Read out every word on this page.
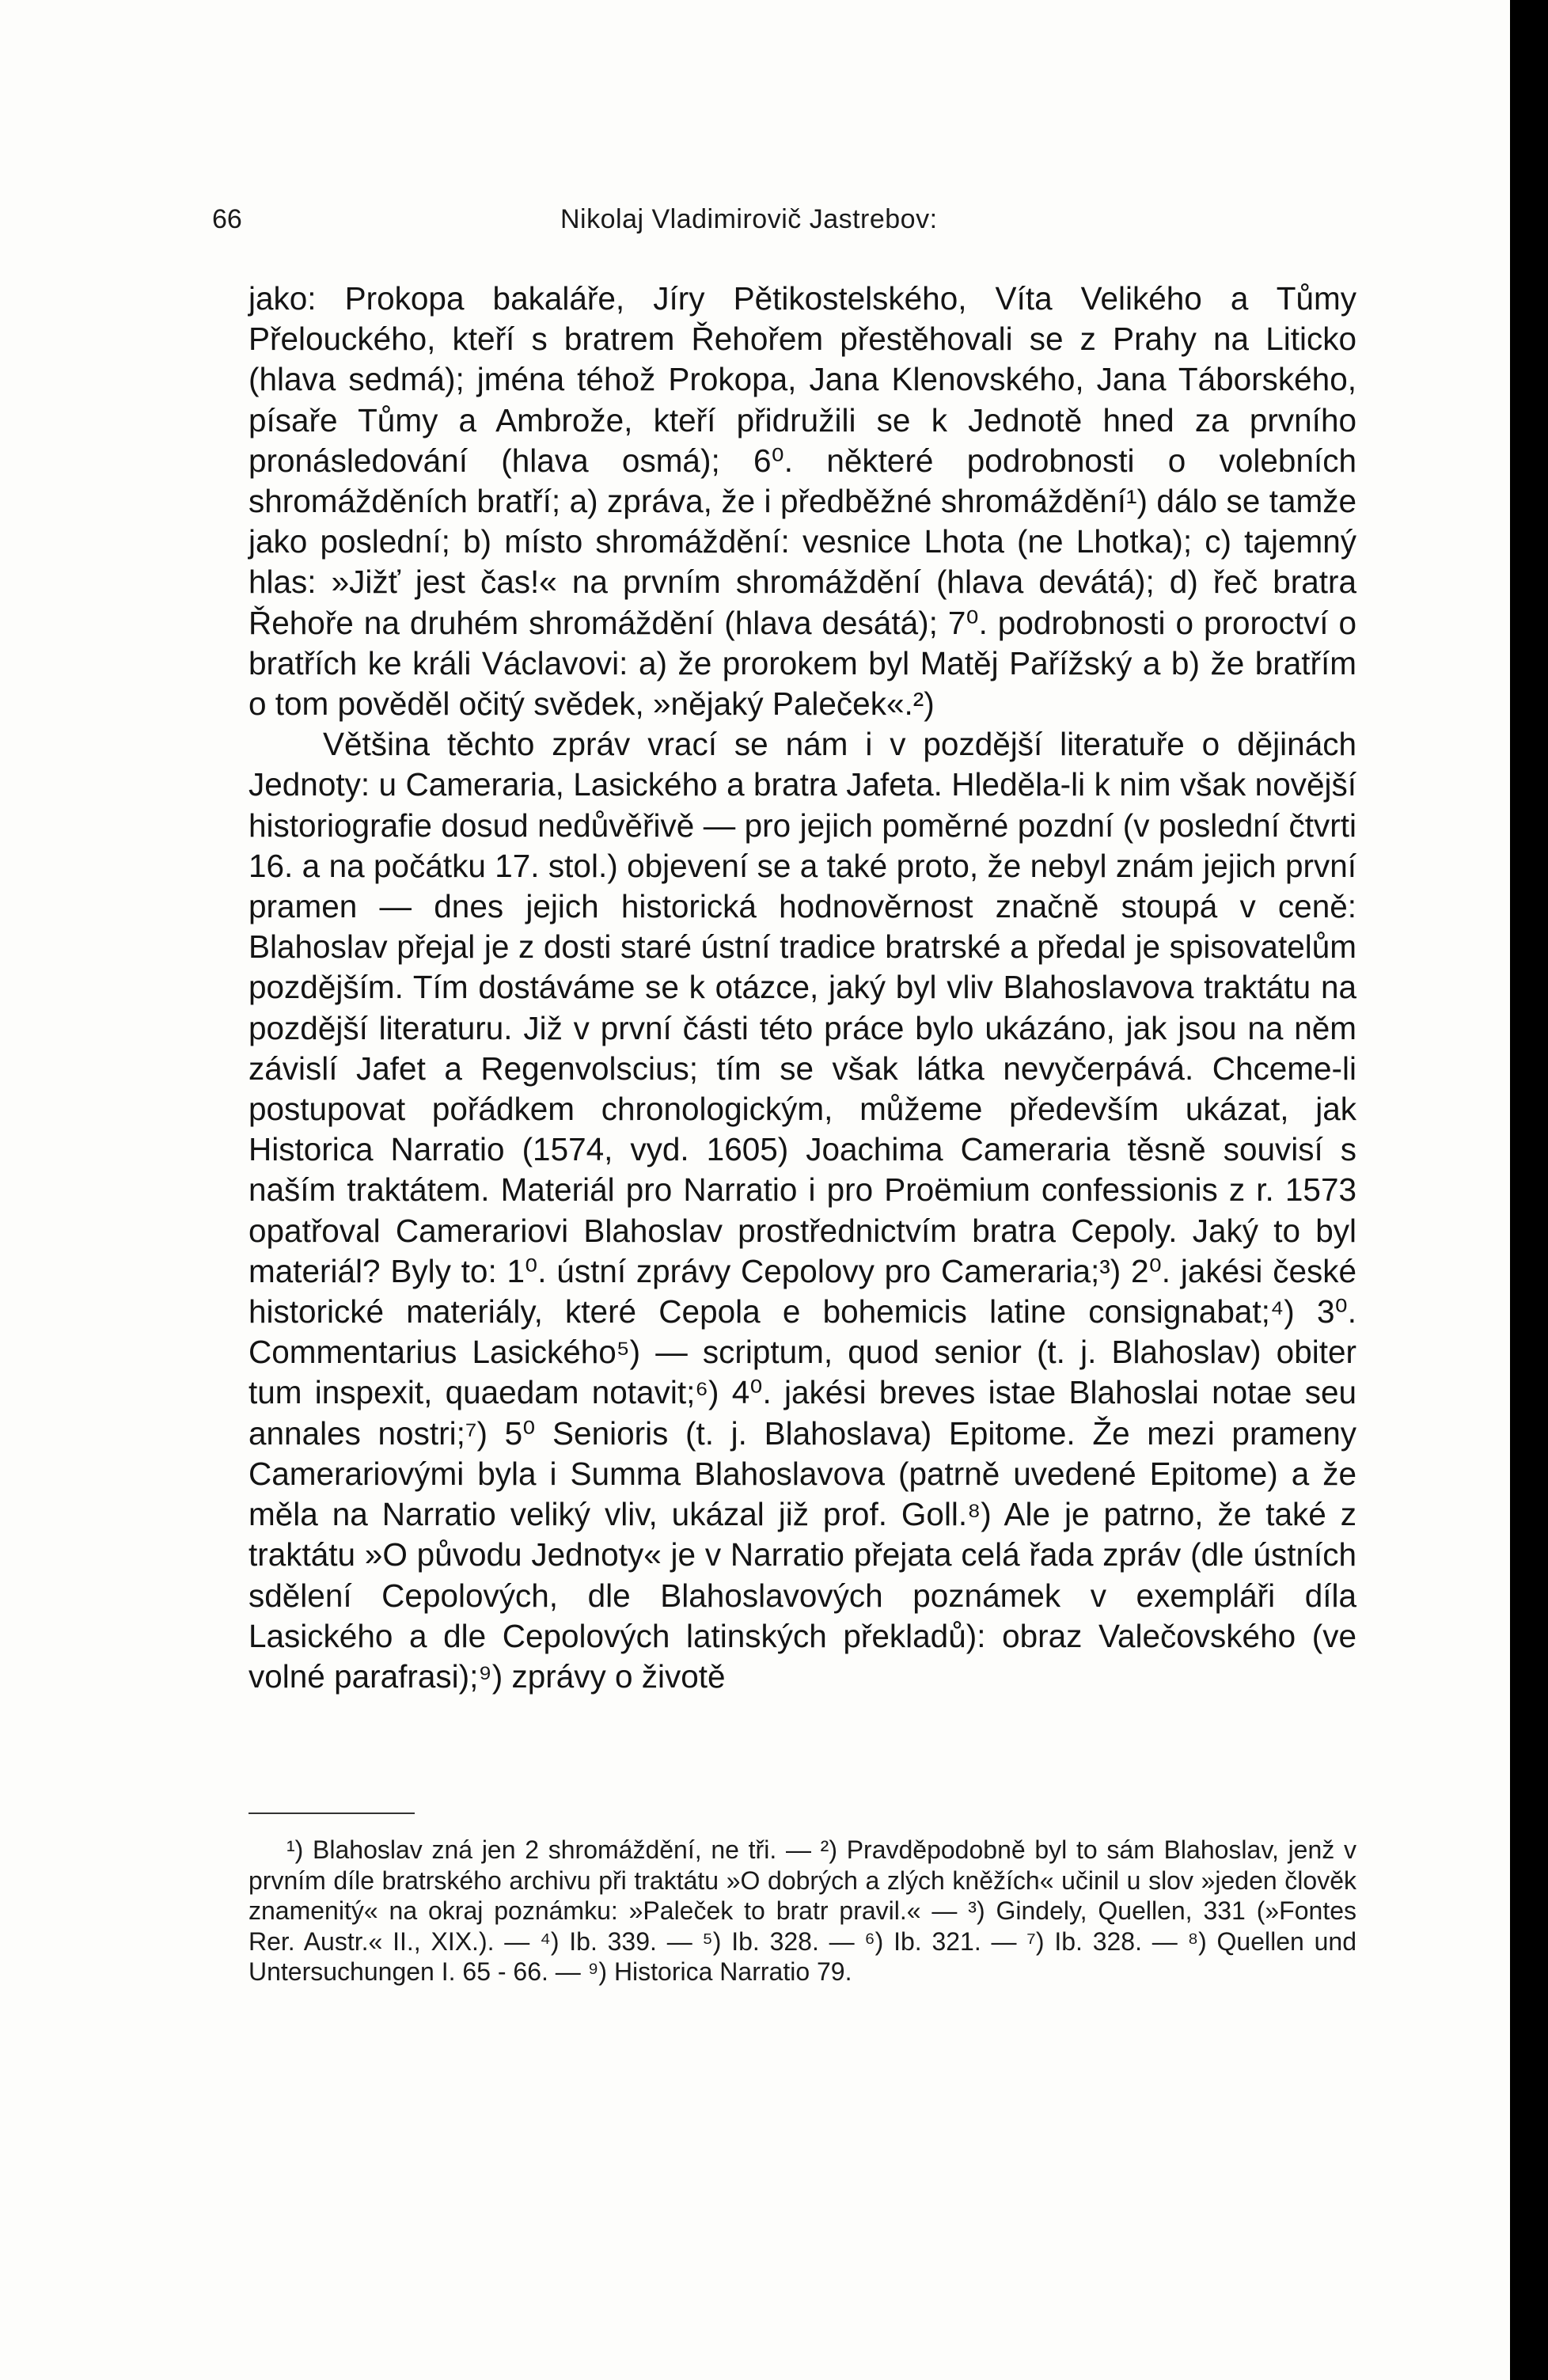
66	Nikolaj Vladimirovič Jastrebov:

jako: Prokopa bakaláře, Jíry Pětikostelského, Víta Velikého a Tůmy Přelouckého, kteří s bratrem Řehořem přestěhovali se z Prahy na Liticko (hlava sedmá); jména téhož Prokopa, Jana Klenovského, Jana Táborského, písaře Tůmy a Ambrože, kteří přidružili se k Jednotě hned za prvního pronásledování (hlava osmá); 6⁰. některé podrobnosti o volebních shromážděních bratří; a) zpráva, že i předběžné shromáždění¹) dálo se tamže jako poslední; b) místo shromáždění: vesnice Lhota (ne Lhotka); c) tajemný hlas: »Jižť jest čas!« na prvním shromáždění (hlava devátá); d) řeč bratra Řehoře na druhém shromáždění (hlava desátá); 7⁰. podrobnosti o proroctví o bratřích ke králi Václavovi: a) že prorokem byl Matěj Pařížský a b) že bratřím o tom pověděl očitý svědek, »nějaký Paleček«.²)

Většina těchto zpráv vrací se nám i v pozdější literatuře o dějinách Jednoty: u Cameraria, Lasického a bratra Jafeta. Hleděla-li k nim však novější historiografie dosud nedůvěřivě — pro jejich poměrné pozdní (v poslední čtvrti 16. a na počátku 17. stol.) objevení se a také proto, že nebyl znám jejich první pramen — dnes jejich historická hodnověrnost značně stoupá v ceně: Blahoslav přejal je z dosti staré ústní tradice bratrské a předal je spisovatelům pozdějším. Tím dostáváme se k otázce, jaký byl vliv Blahoslavova traktátu na pozdější literaturu. Již v první části této práce bylo ukázáno, jak jsou na něm závislí Jafet a Regenvolscius; tím se však látka nevyčerpává. Chceme-li postupovat pořádkem chronologickým, můžeme především ukázat, jak Historica Narratio (1574, vyd. 1605) Joachima Cameraria těsně souvisí s naším traktátem. Materiál pro Narratio i pro Proëmium confessionis z r. 1573 opatřoval Camerariovi Blahoslav prostřednictvím bratra Cepoly. Jaký to byl materiál? Byly to: 1⁰. ústní zprávy Cepolovy pro Cameraria;³) 2⁰. jakési české historické materiály, které Cepola e bohemicis latine consignabat;⁴) 3⁰. Commentarius Lasického⁵) — scriptum, quod senior (t. j. Blahoslav) obiter tum inspexit, quaedam notavit;⁶) 4⁰. jakési breves istae Blahoslai notae seu annales nostri;⁷) 5⁰ Senioris (t. j. Blahoslava) Epitome. Že mezi prameny Camerariovými byla i Summa Blahoslavova (patrně uvedené Epitome) a že měla na Narratio veliký vliv, ukázal již prof. Goll.⁸) Ale je patrno, že také z traktátu »O původu Jednoty« je v Narratio přejata celá řada zpráv (dle ústních sdělení Cepolových, dle Blahoslavových poznámek v exempláři díla Lasického a dle Cepolových latinských překladů): obraz Valečovského (ve volné parafrasi);⁹) zprávy o životě

¹) Blahoslav zná jen 2 shromáždění, ne tři. — ²) Pravděpodobně byl to sám Blahoslav, jenž v prvním díle bratrského archivu při traktátu »O dobrých a zlých kněžích« učinil u slov »jeden člověk znamenitý« na okraj poznámku: »Paleček to bratr pravil.« — ³) Gindely, Quellen, 331 (»Fontes Rer. Austr.« II., XIX.). — ⁴) Ib. 339. — ⁵) Ib. 328. — ⁶) Ib. 321. — ⁷) Ib. 328. — ⁸) Quellen und Untersuchungen I. 65 - 66. — ⁹) Historica Narratio 79.
